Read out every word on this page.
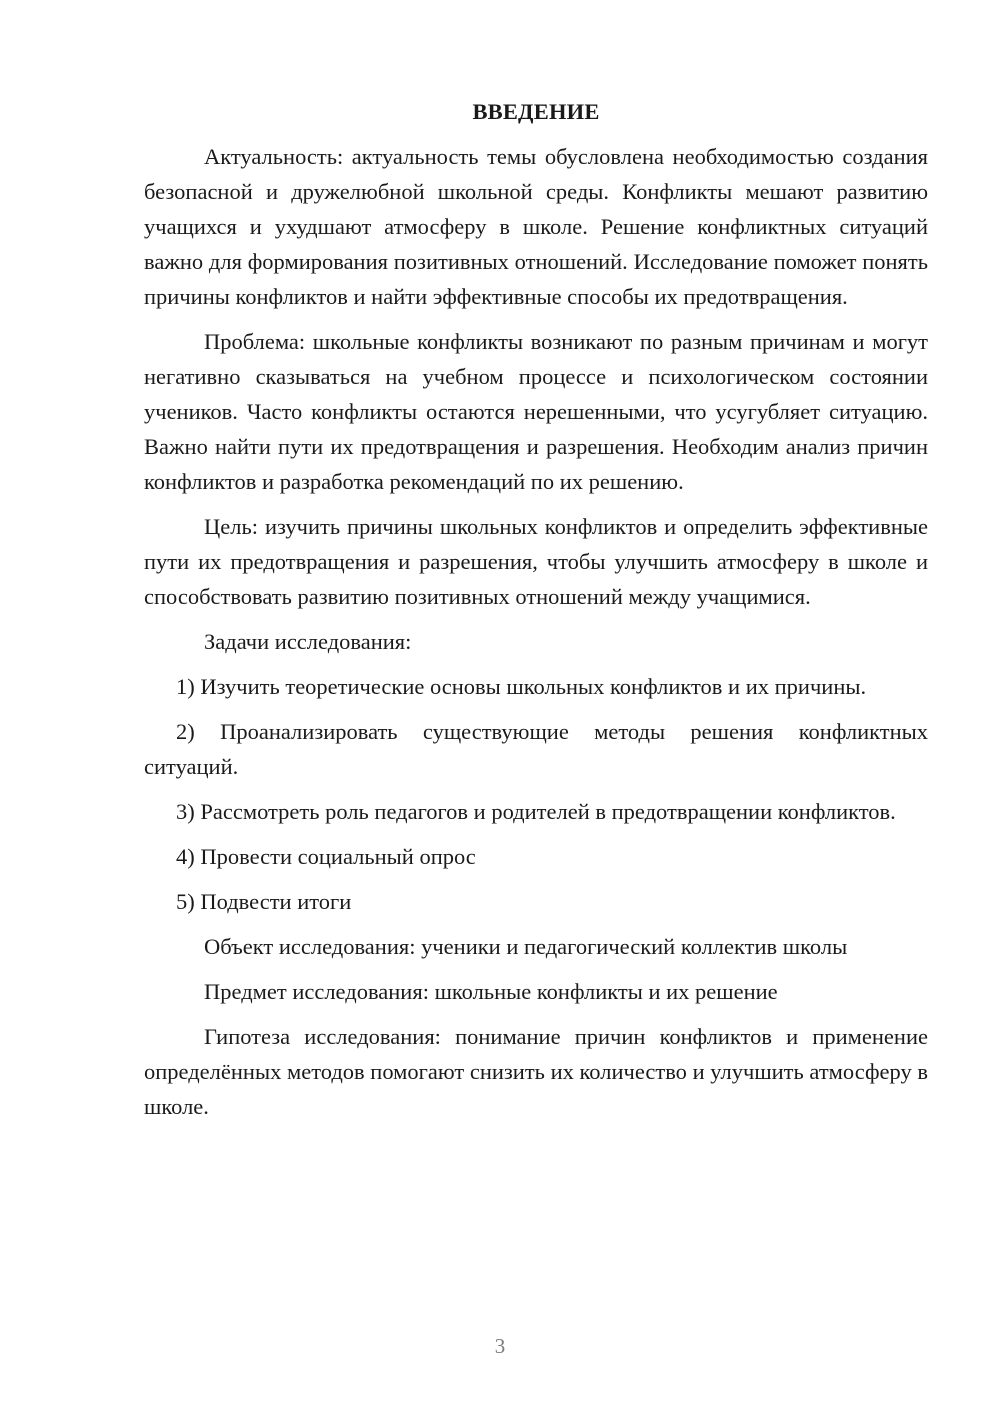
ВВЕДЕНИЕ

Актуальность: актуальность темы обусловлена необходимостью создания безопасной и дружелюбной школьной среды. Конфликты мешают развитию учащихся и ухудшают атмосферу в школе. Решение конфликтных ситуаций важно для формирования позитивных отношений. Исследование поможет понять причины конфликтов и найти эффективные способы их предотвращения.

Проблема: школьные конфликты возникают по разным причинам и могут негативно сказываться на учебном процессе и психологическом состоянии учеников. Часто конфликты остаются нерешенными, что усугубляет ситуацию. Важно найти пути их предотвращения и разрешения. Необходим анализ причин конфликтов и разработка рекомендаций по их решению.

Цель: изучить причины школьных конфликтов и определить эффективные пути их предотвращения и разрешения, чтобы улучшить атмосферу в школе и способствовать развитию позитивных отношений между учащимися.

Задачи исследования:

1) Изучить теоретические основы школьных конфликтов и их причины.

2) Проанализировать существующие методы решения конфликтных ситуаций.

3) Рассмотреть роль педагогов и родителей в предотвращении конфликтов.

4) Провести социальный опрос

5) Подвести итоги

Объект исследования: ученики и педагогический коллектив школы

Предмет исследования: школьные конфликты и их решение

Гипотеза исследования: понимание причин конфликтов и применение определённых методов помогают снизить их количество и улучшить атмосферу в школе.

3
